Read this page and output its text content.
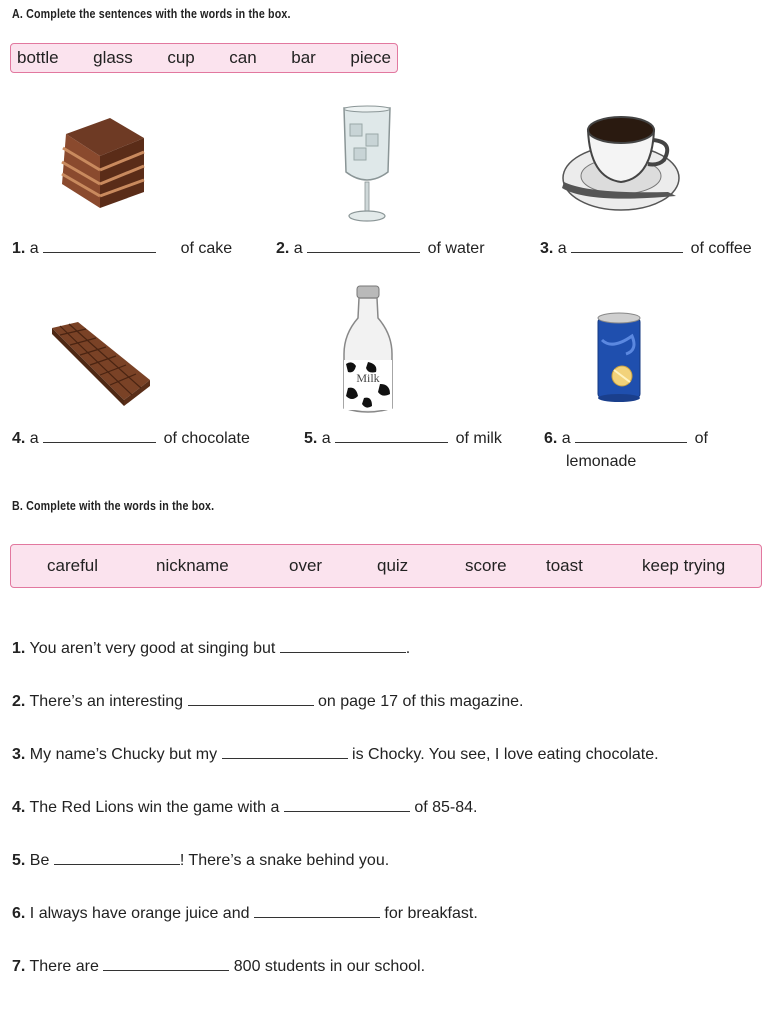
A. Complete the sentences with the words in the box.
bottle glass cup can bar piece
1. a	of cake	2. a	of water	3. a	of coffee
Milk
4. a	of chocolate	5. a	of milk	6. a	of
lemonade
B. Complete with the words in the box.
careful	nickname	over	quiz	score toast	keep trying
1. You aren’t very good at singing but	.
2. There’s an interesting	on page 17 of this magazine.
3. My name’s Chucky but my	is Chocky. You see, I love eating chocolate.
4. The Red Lions win the game with a	of 85-84.
5. Be	! There’s a snake behind you.
6. I always have orange juice and	for breakfast.
7. There are	800 students in our school.
